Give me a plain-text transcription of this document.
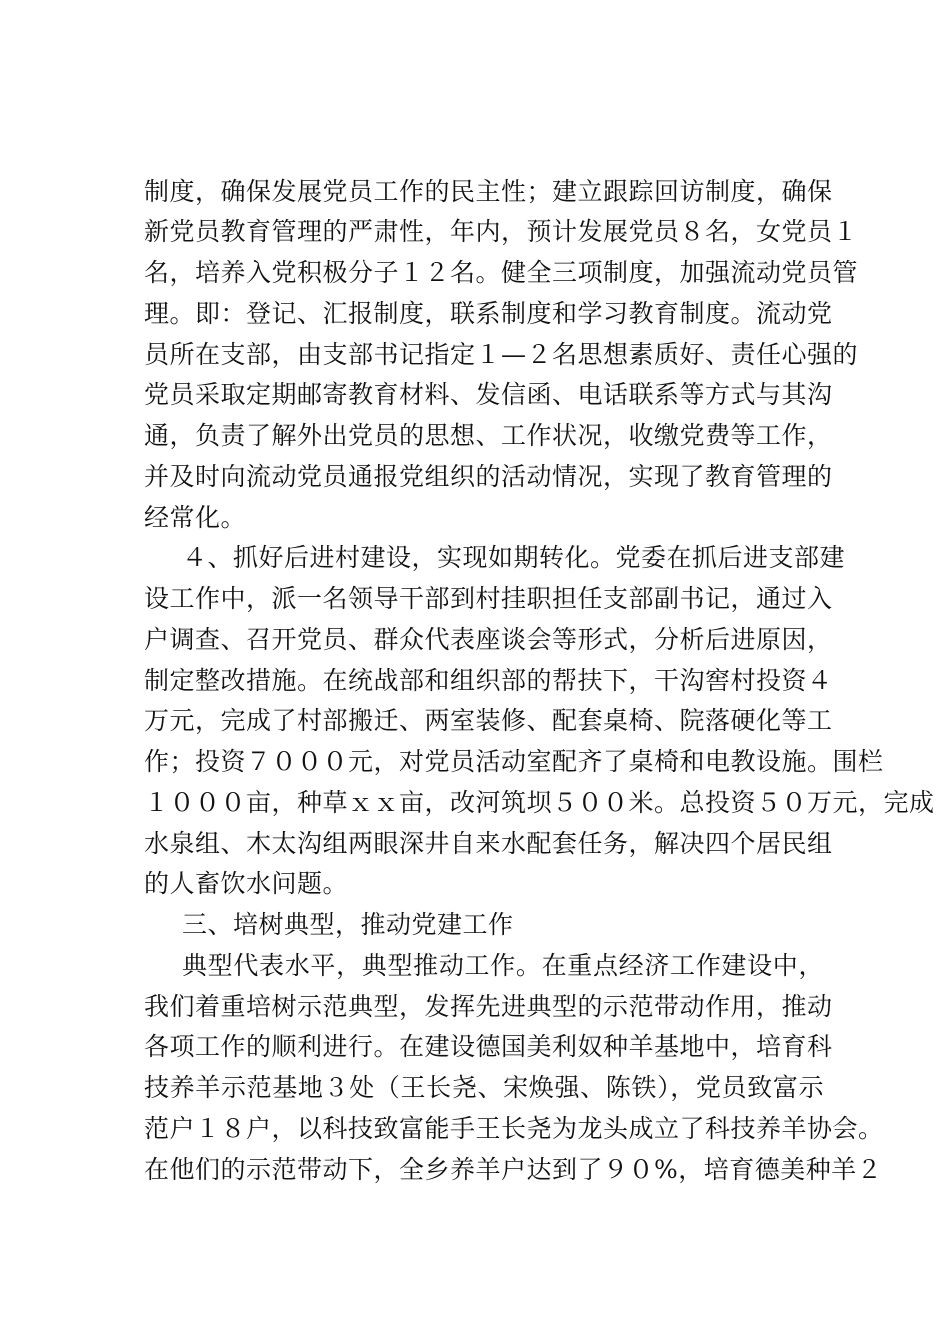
制度，确保发展党员工作的民主性；建立跟踪回访制度，确保
新党员教育管理的严肃性，年内，预计发展党员８名，女党员１
名，培养入党积极分子１２名。健全三项制度，加强流动党员管
理。即：登记、汇报制度，联系制度和学习教育制度。流动党
员所在支部，由支部书记指定１—２名思想素质好、责任心强的
党员采取定期邮寄教育材料、发信函、电话联系等方式与其沟
通，负责了解外出党员的思想、工作状况，收缴党费等工作，
并及时向流动党员通报党组织的活动情况，实现了教育管理的
经常化。
４、抓好后进村建设，实现如期转化。党委在抓后进支部建
设工作中，派一名领导干部到村挂职担任支部副书记，通过入
户调查、召开党员、群众代表座谈会等形式，分析后进原因，
制定整改措施。在统战部和组织部的帮扶下，干沟窖村投资４
万元，完成了村部搬迁、两室装修、配套桌椅、院落硬化等工
作；投资７０００元，对党员活动室配齐了桌椅和电教设施。围栏
１０００亩，种草ｘｘ亩，改河筑坝５００米。总投资５０万元，完成
水泉组、木太沟组两眼深井自来水配套任务，解决四个居民组
的人畜饮水问题。
三、培树典型，推动党建工作
典型代表水平，典型推动工作。在重点经济工作建设中，
我们着重培树示范典型，发挥先进典型的示范带动作用，推动
各项工作的顺利进行。在建设德国美利奴种羊基地中，培育科
技养羊示范基地３处（王长尧、宋焕强、陈铁），党员致富示
范户１８户，以科技致富能手王长尧为龙头成立了科技养羊协会。
在他们的示范带动下，全乡养羊户达到了９０%，培育德美种羊２
